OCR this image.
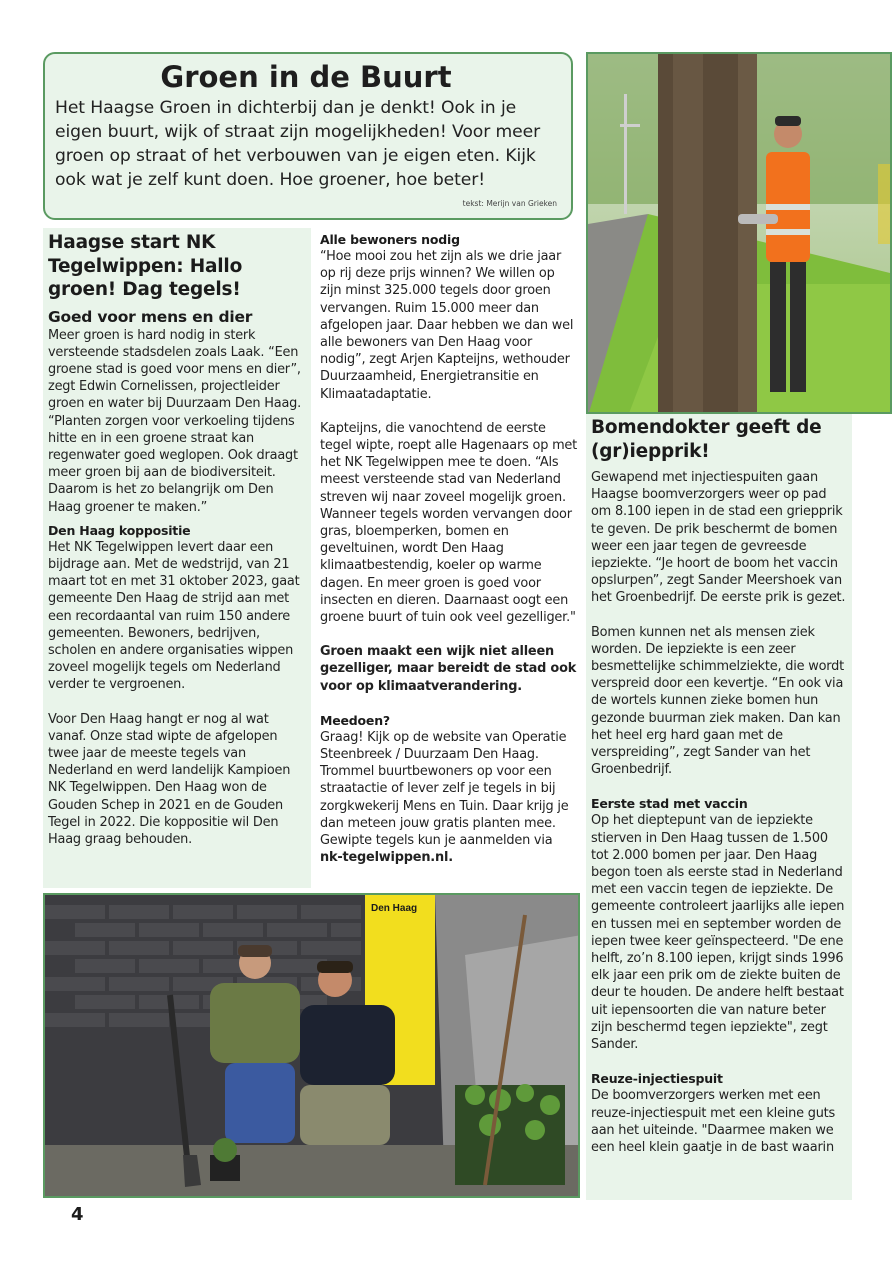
Groen in de Buurt
Het Haagse Groen in dichterbij dan je denkt! Ook in je eigen buurt, wijk of straat zijn mogelijkheden! Voor meer groen op straat of het verbouwen van je eigen eten. Kijk ook wat je zelf kunt doen. Hoe groener, hoe beter!
tekst: Merijn van Grieken
Haagse start NK Tegelwippen: Hallo groen! Dag tegels!
Goed voor mens en dier

Meer groen is hard nodig in sterk versteende stadsdelen zoals Laak. “Een groene stad is goed voor mens en dier”, zegt Edwin Cornelissen, projectleider groen en water bij Duurzaam Den Haag. “Planten zorgen voor verkoeling tijdens hitte en in een groene straat kan regenwater goed weglopen. Ook draagt meer groen bij aan de biodiversiteit. Daarom is het zo belangrijk om Den Haag groener te maken.”

Den Haag koppositie

Het NK Tegelwippen levert daar een bijdrage aan. Met de wedstrijd, van 21 maart tot en met 31 oktober 2023, gaat gemeente Den Haag de strijd aan met een recordaantal van ruim 150 andere gemeenten. Bewoners, bedrijven, scholen en andere organisaties wippen zoveel mogelijk tegels om Nederland verder te vergroenen.

Voor Den Haag hangt er nog al wat vanaf. Onze stad wipte de afgelopen twee jaar de meeste tegels van Nederland en werd landelijk Kampioen NK Tegelwippen. Den Haag won de Gouden Schep in 2021 en de Gouden Tegel in 2022. Die koppositie wil Den Haag graag behouden.

Alle bewoners nodig

“Hoe mooi zou het zijn als we drie jaar op rij deze prijs winnen? We willen op zijn minst 325.000 tegels door groen vervangen. Ruim 15.000 meer dan afgelopen jaar. Daar hebben we dan wel alle bewoners van Den Haag voor nodig”, zegt Arjen Kapteijns, wethouder Duurzaamheid, Energietransitie en Klimaatadaptatie.

Kapteijns, die vanochtend de eerste tegel wipte, roept alle Hagenaars op met het NK Tegelwippen mee te doen. “Als meest versteende stad van Nederland streven wij naar zoveel mogelijk groen. Wanneer tegels worden vervangen door gras, bloemperken, bomen en geveltuinen, wordt Den Haag klimaatbestendig, koeler op warme dagen. En meer groen is goed voor insecten en dieren. Daarnaast oogt een groene buurt of tuin ook veel gezelliger."

Groen maakt een wijk niet alleen gezelliger, maar bereidt de stad ook voor op klimaatverandering.

Meedoen?

Graag! Kijk op de website van Operatie Steenbreek / Duurzaam Den Haag. Trommel buurtbewoners op voor een straatactie of lever zelf je tegels in bij zorgkwekerij Mens en Tuin. Daar krijg je dan meteen jouw gratis planten mee. Gewipte tegels kun je aanmelden via nk-tegelwippen.nl.

Bomendokter geeft de (gr)iepprik!

Gewapend met injectiespuiten gaan Haagse boomverzorgers weer op pad om 8.100 iepen in de stad een griepprik te geven. De prik beschermt de bomen weer een jaar tegen de gevreesde iepziekte. “Je hoort de boom het vaccin opslurpen”, zegt Sander Meershoek van het Groenbedrijf. De eerste prik is gezet.

Bomen kunnen net als mensen ziek worden. De iepziekte is een zeer besmettelijke schimmelziekte, die wordt verspreid door een kevertje. “En ook via de wortels kunnen zieke bomen hun gezonde buurman ziek maken. Dan kan het heel erg hard gaan met de verspreiding”, zegt Sander van het Groenbedrijf.

Eerste stad met vaccin

Op het dieptepunt van de iepziekte stierven in Den Haag tussen de 1.500 tot 2.000 bomen per jaar. Den Haag begon toen als eerste stad in Nederland met een vaccin tegen de iepziekte. De gemeente controleert jaarlijks alle iepen en tussen mei en september worden de iepen twee keer geïnspecteerd. "De ene helft, zo’n 8.100 iepen, krijgt sinds 1996 elk jaar een prik om de ziekte buiten de deur te houden. De andere helft bestaat uit iepensoorten die van nature beter zijn beschermd tegen iepziekte", zegt Sander.

Reuze-injectiespuit

De boomverzorgers werken met een reuze-injectiespuit met een kleine guts aan het uiteinde. "Daarmee maken we een heel klein gaatje in de bast waarin

Den Haag
4
